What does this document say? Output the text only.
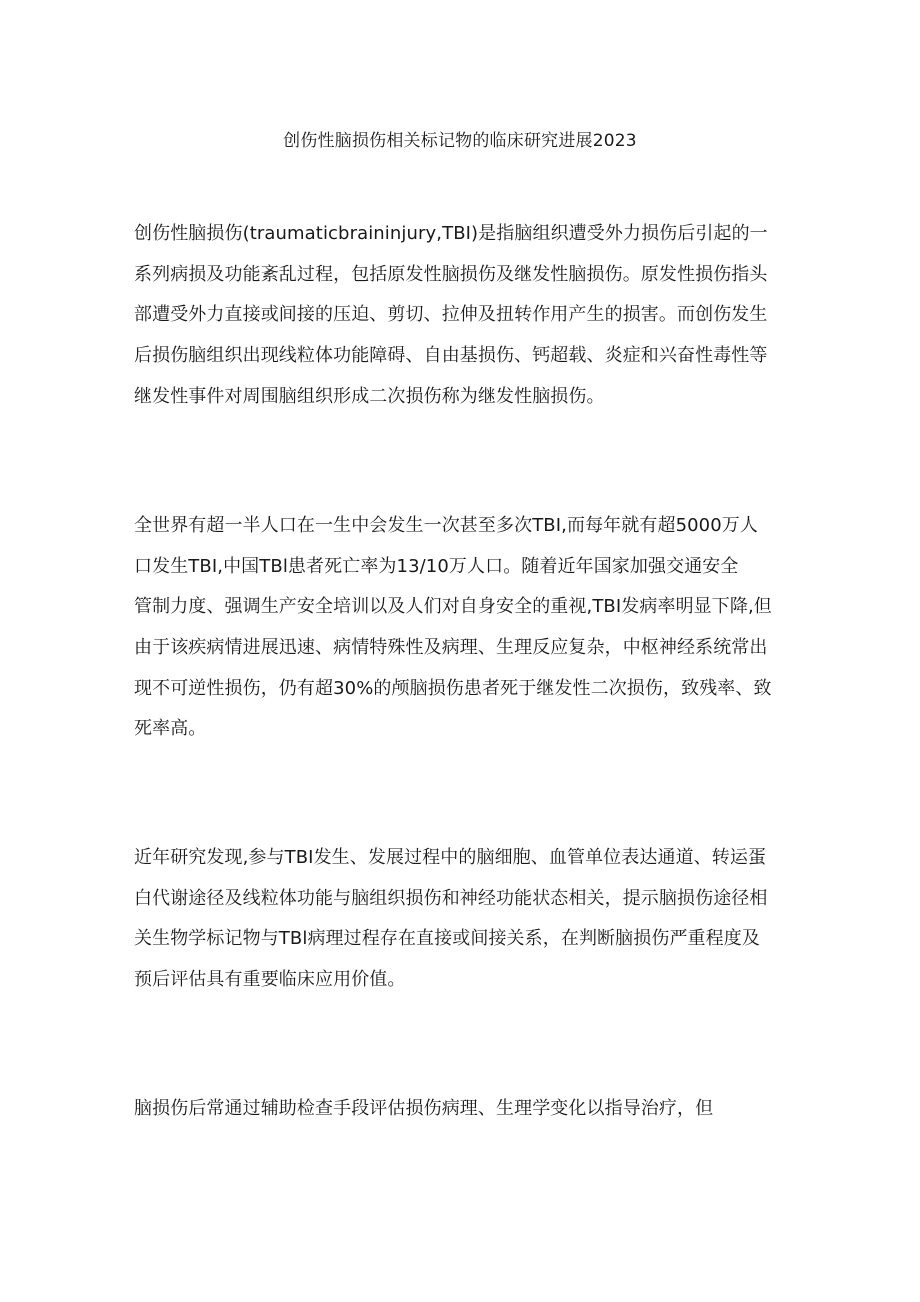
创伤性脑损伤相关标记物的临床研究进展2023

创伤性脑损伤(traumaticbraininjury,TBI)是指脑组织遭受外力损伤后引起的一
系列病损及功能紊乱过程，包括原发性脑损伤及继发性脑损伤。原发性损伤指头
部遭受外力直接或间接的压迫、剪切、拉伸及扭转作用产生的损害。而创伤发生
后损伤脑组织出现线粒体功能障碍、自由基损伤、钙超载、炎症和兴奋性毒性等
继发性事件对周围脑组织形成二次损伤称为继发性脑损伤。

全世界有超一半人口在一生中会发生一次甚至多次TBI,而每年就有超5000万人
口发生TBI,中国TBl患者死亡率为13/10万人口。随着近年国家加强交通安全
管制力度、强调生产安全培训以及人们对自身安全的重视,TBI发病率明显下降,但
由于该疾病情进展迅速、病情特殊性及病理、生理反应复杂，中枢神经系统常出
现不可逆性损伤，仍有超30%的颅脑损伤患者死于继发性二次损伤，致残率、致
死率高。

近年研究发现,参与TBI发生、发展过程中的脑细胞、血管单位表达通道、转运蛋
白代谢途径及线粒体功能与脑组织损伤和神经功能状态相关，提示脑损伤途径相
关生物学标记物与TBl病理过程存在直接或间接关系，在判断脑损伤严重程度及
预后评估具有重要临床应用价值。

脑损伤后常通过辅助检查手段评估损伤病理、生理学变化以指导治疗，但
